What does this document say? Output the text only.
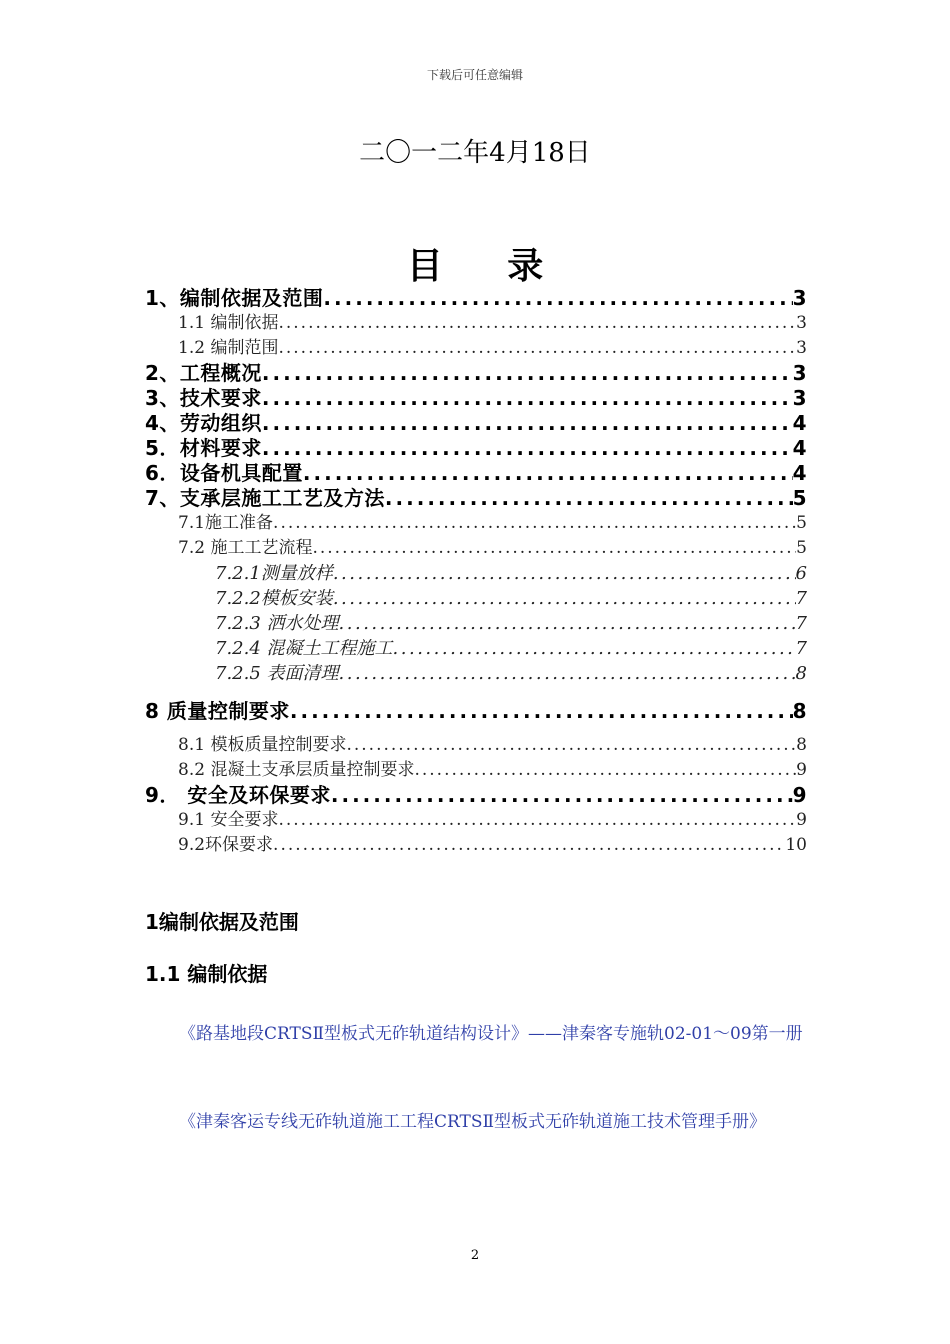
下载后可任意编辑
二〇一二年4月18日
目 录
1、编制依据及范围 .....	3
1.1 编制依据 .....	3
1.2 编制范围 .....	3
2、工程概况 .....	3
3、技术要求 .....	3
4、劳动组织 .....	4
5．材料要求 .....	4
6．设备机具配置 .....	4
7、支承层施工工艺及方法 .....	5
7.1施工准备 .....	5
7.2 施工工艺流程 .....	5
7.2.1测量放样 .....	6
7.2.2模板安装 .....	7
7.2.3 洒水处理 .....	7
7.2.4 混凝土工程施工 .....	7
7.2.5 表面清理 .....	8
8 质量控制要求 .....	8
8.1 模板质量控制要求 .....	8
8.2 混凝土支承层质量控制要求 .....	9
9． 安全及环保要求 .....	9
9.1 安全要求 .....	9
9.2环保要求 .....	10
1编制依据及范围
1.1 编制依据
《路基地段CRTSⅡ型板式无砟轨道结构设计》——津秦客专施轨02-01～09第一册
《津秦客运专线无砟轨道施工工程CRTSⅡ型板式无砟轨道施工技术管理手册》
2
